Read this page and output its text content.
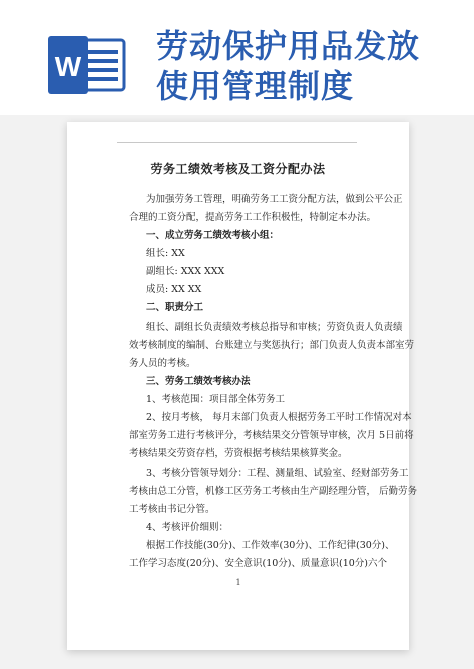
W
劳动保护用品发放
使用管理制度
劳务工绩效考核及工资分配办法
为加强劳务工管理，明确劳务工工资分配方法，做到公平公正
合理的工资分配，提高劳务工工作积极性，特制定本办法。
一、成立劳务工绩效考核小组：
组长: XX
副组长: XXX XXX
成员: XX XX
二、职责分工
组长、副组长负责绩效考核总指导和审核；劳资负责人负责绩
效考核制度的编制、台账建立与奖惩执行；部门负责人负责本部室劳
务人员的考核。
三、劳务工绩效考核办法
1、考核范围：项目部全体劳务工
2、按月考核， 每月末部门负责人根据劳务工平时工作情况对本
部室劳务工进行考核评分，考核结果交分管领导审核，次月 5日前将
考核结果交劳资存档，劳资根据考核结果核算奖金。
3、考核分管领导划分：工程、测量组、试验室、经财部劳务工
考核由总工分管，机修工区劳务工考核由生产副经理分管， 后勤劳务
工考核由书记分管。
4、考核评价细则：
根据工作技能(30分)、工作效率(30分)、工作纪律(30分)、
工作学习态度(20分)、安全意识(10分)、质量意识(10分)六个
1
